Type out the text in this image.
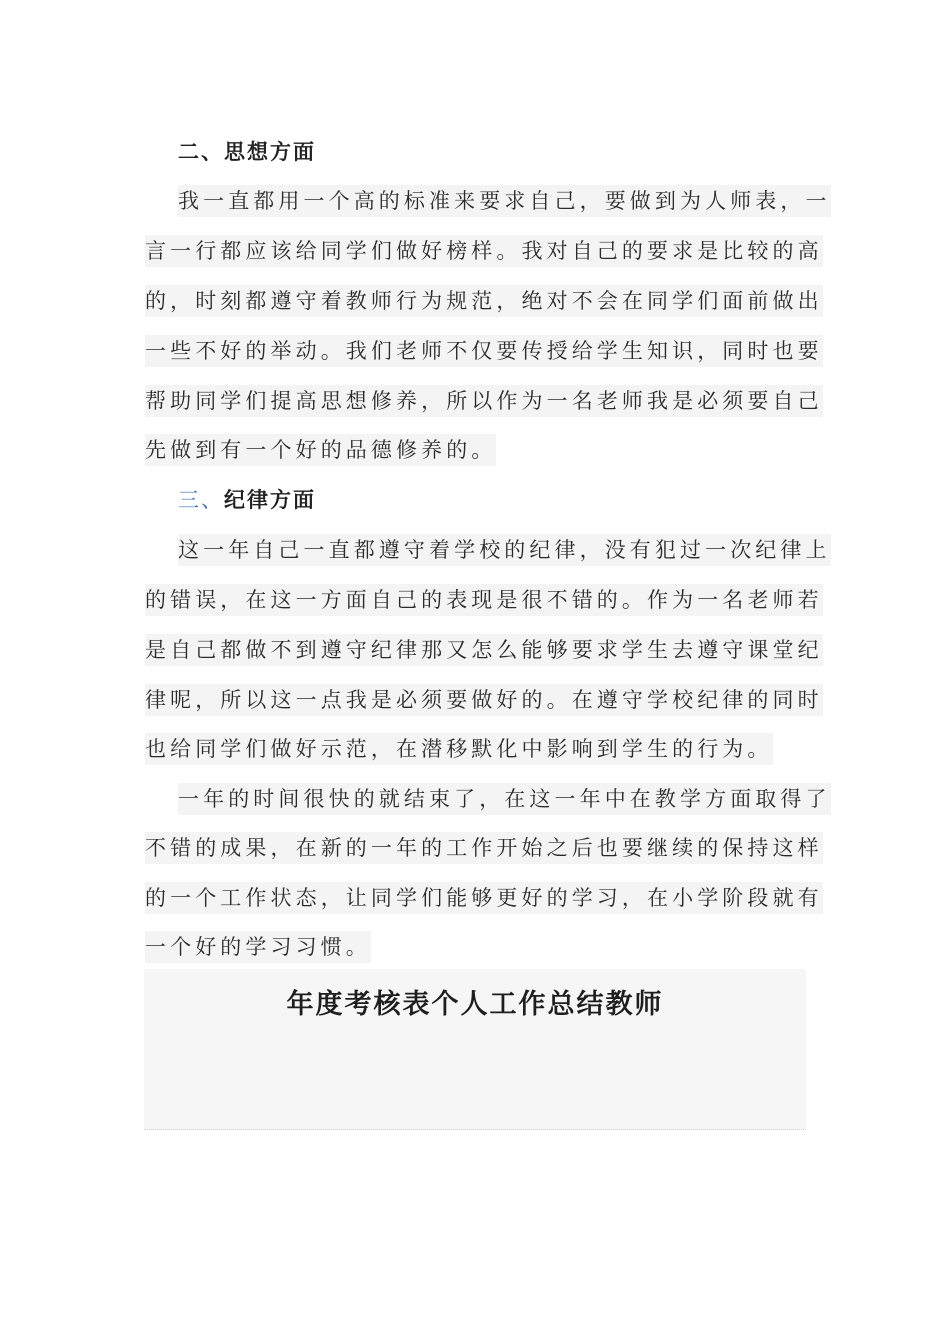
二、思想方面
我一直都用一个高的标准来要求自己，要做到为人师表，一
言一行都应该给同学们做好榜样。我对自己的要求是比较的高
的，时刻都遵守着教师行为规范，绝对不会在同学们面前做出
一些不好的举动。我们老师不仅要传授给学生知识，同时也要
帮助同学们提高思想修养，所以作为一名老师我是必须要自己
先做到有一个好的品德修养的。
三、纪律方面
这一年自己一直都遵守着学校的纪律，没有犯过一次纪律上
的错误，在这一方面自己的表现是很不错的。作为一名老师若
是自己都做不到遵守纪律那又怎么能够要求学生去遵守课堂纪
律呢，所以这一点我是必须要做好的。在遵守学校纪律的同时
也给同学们做好示范，在潜移默化中影响到学生的行为。
一年的时间很快的就结束了，在这一年中在教学方面取得了
不错的成果，在新的一年的工作开始之后也要继续的保持这样
的一个工作状态，让同学们能够更好的学习，在小学阶段就有
一个好的学习习惯。
年度考核表个人工作总结教师
